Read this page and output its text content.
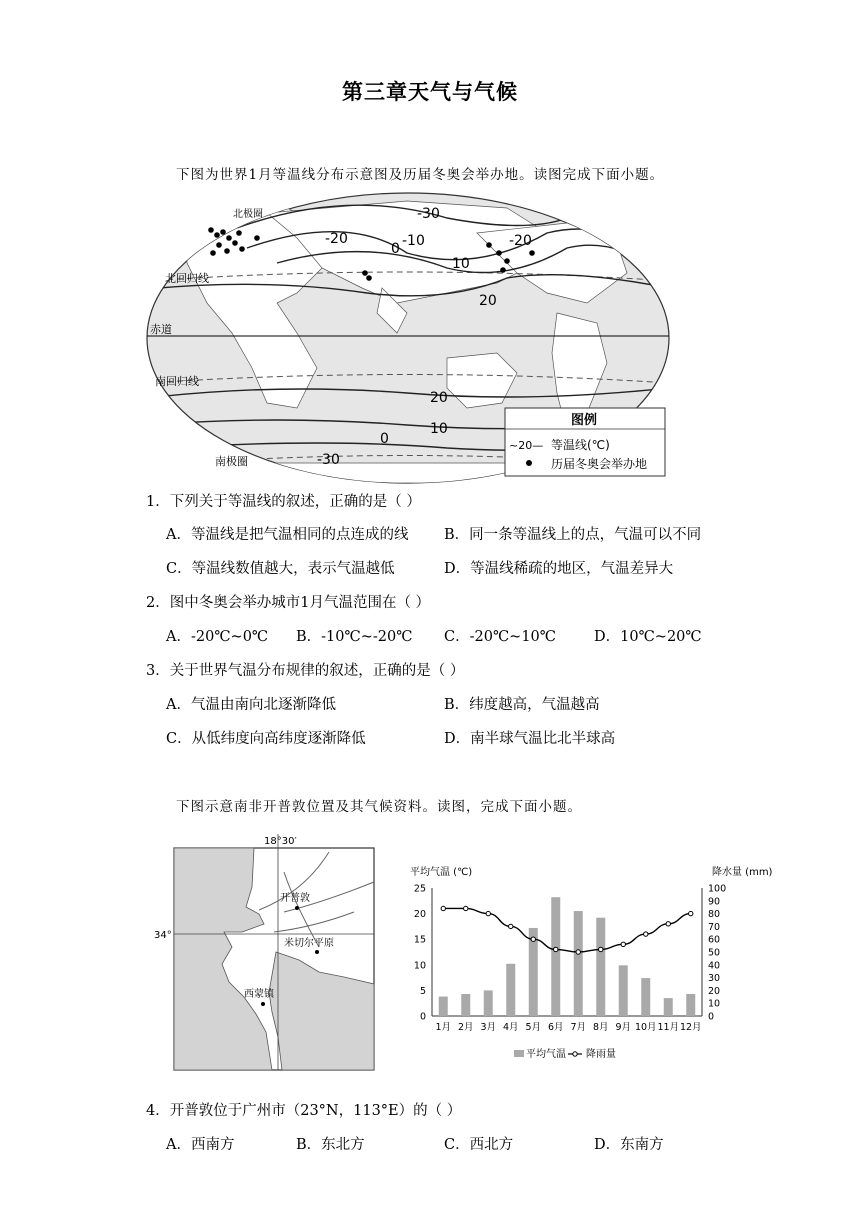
第三章天气与气候
下图为世界1月等温线分布示意图及历届冬奥会举办地。读图完成下面小题。
北回归线
赤道
南回归线
南极圈
北极圈	-30
-20	-10
0
10
20
-20
20
10
0
-30
图例
~20— 等温线(℃)
历届冬奥会举办地
1．下列关于等温线的叙述，正确的是（ ）
A．等温线是把气温相同的点连成的线 B．同一条等温线上的点，气温可以不同
C．等温线数值越大，表示气温越低	D．等温线稀疏的地区，气温差异大
2．图中冬奥会举办城市1月气温范围在（ ）
A．-20℃~0℃ B．-10℃~-20℃ C．-20℃~10℃	D．10℃~20℃
3．关于世界气温分布规律的叙述，正确的是（ ）
A．气温由南向北逐渐降低	B．纬度越高，气温越高
C．从低纬度向高纬度逐渐降低	D．南半球气温比北半球高
下图示意南非开普敦位置及其气候资料。读图，完成下面小题。
18°30′
34°
开普敦
米切尔平原
西蒙镇
平均气温 (℃)	降水量 (mm)
25
20
15
10
5
0
100
90
80
70
60
50
40
30
20
10
0
1月 2月 3月 4月 5月 6月 7月 8月 9月 10月 11月 12月
平均气温 降雨量
4．开普敦位于广州市（23°N，113°E）的（ ）
A．西南方	B．东北方	C．西北方	D．东南方
